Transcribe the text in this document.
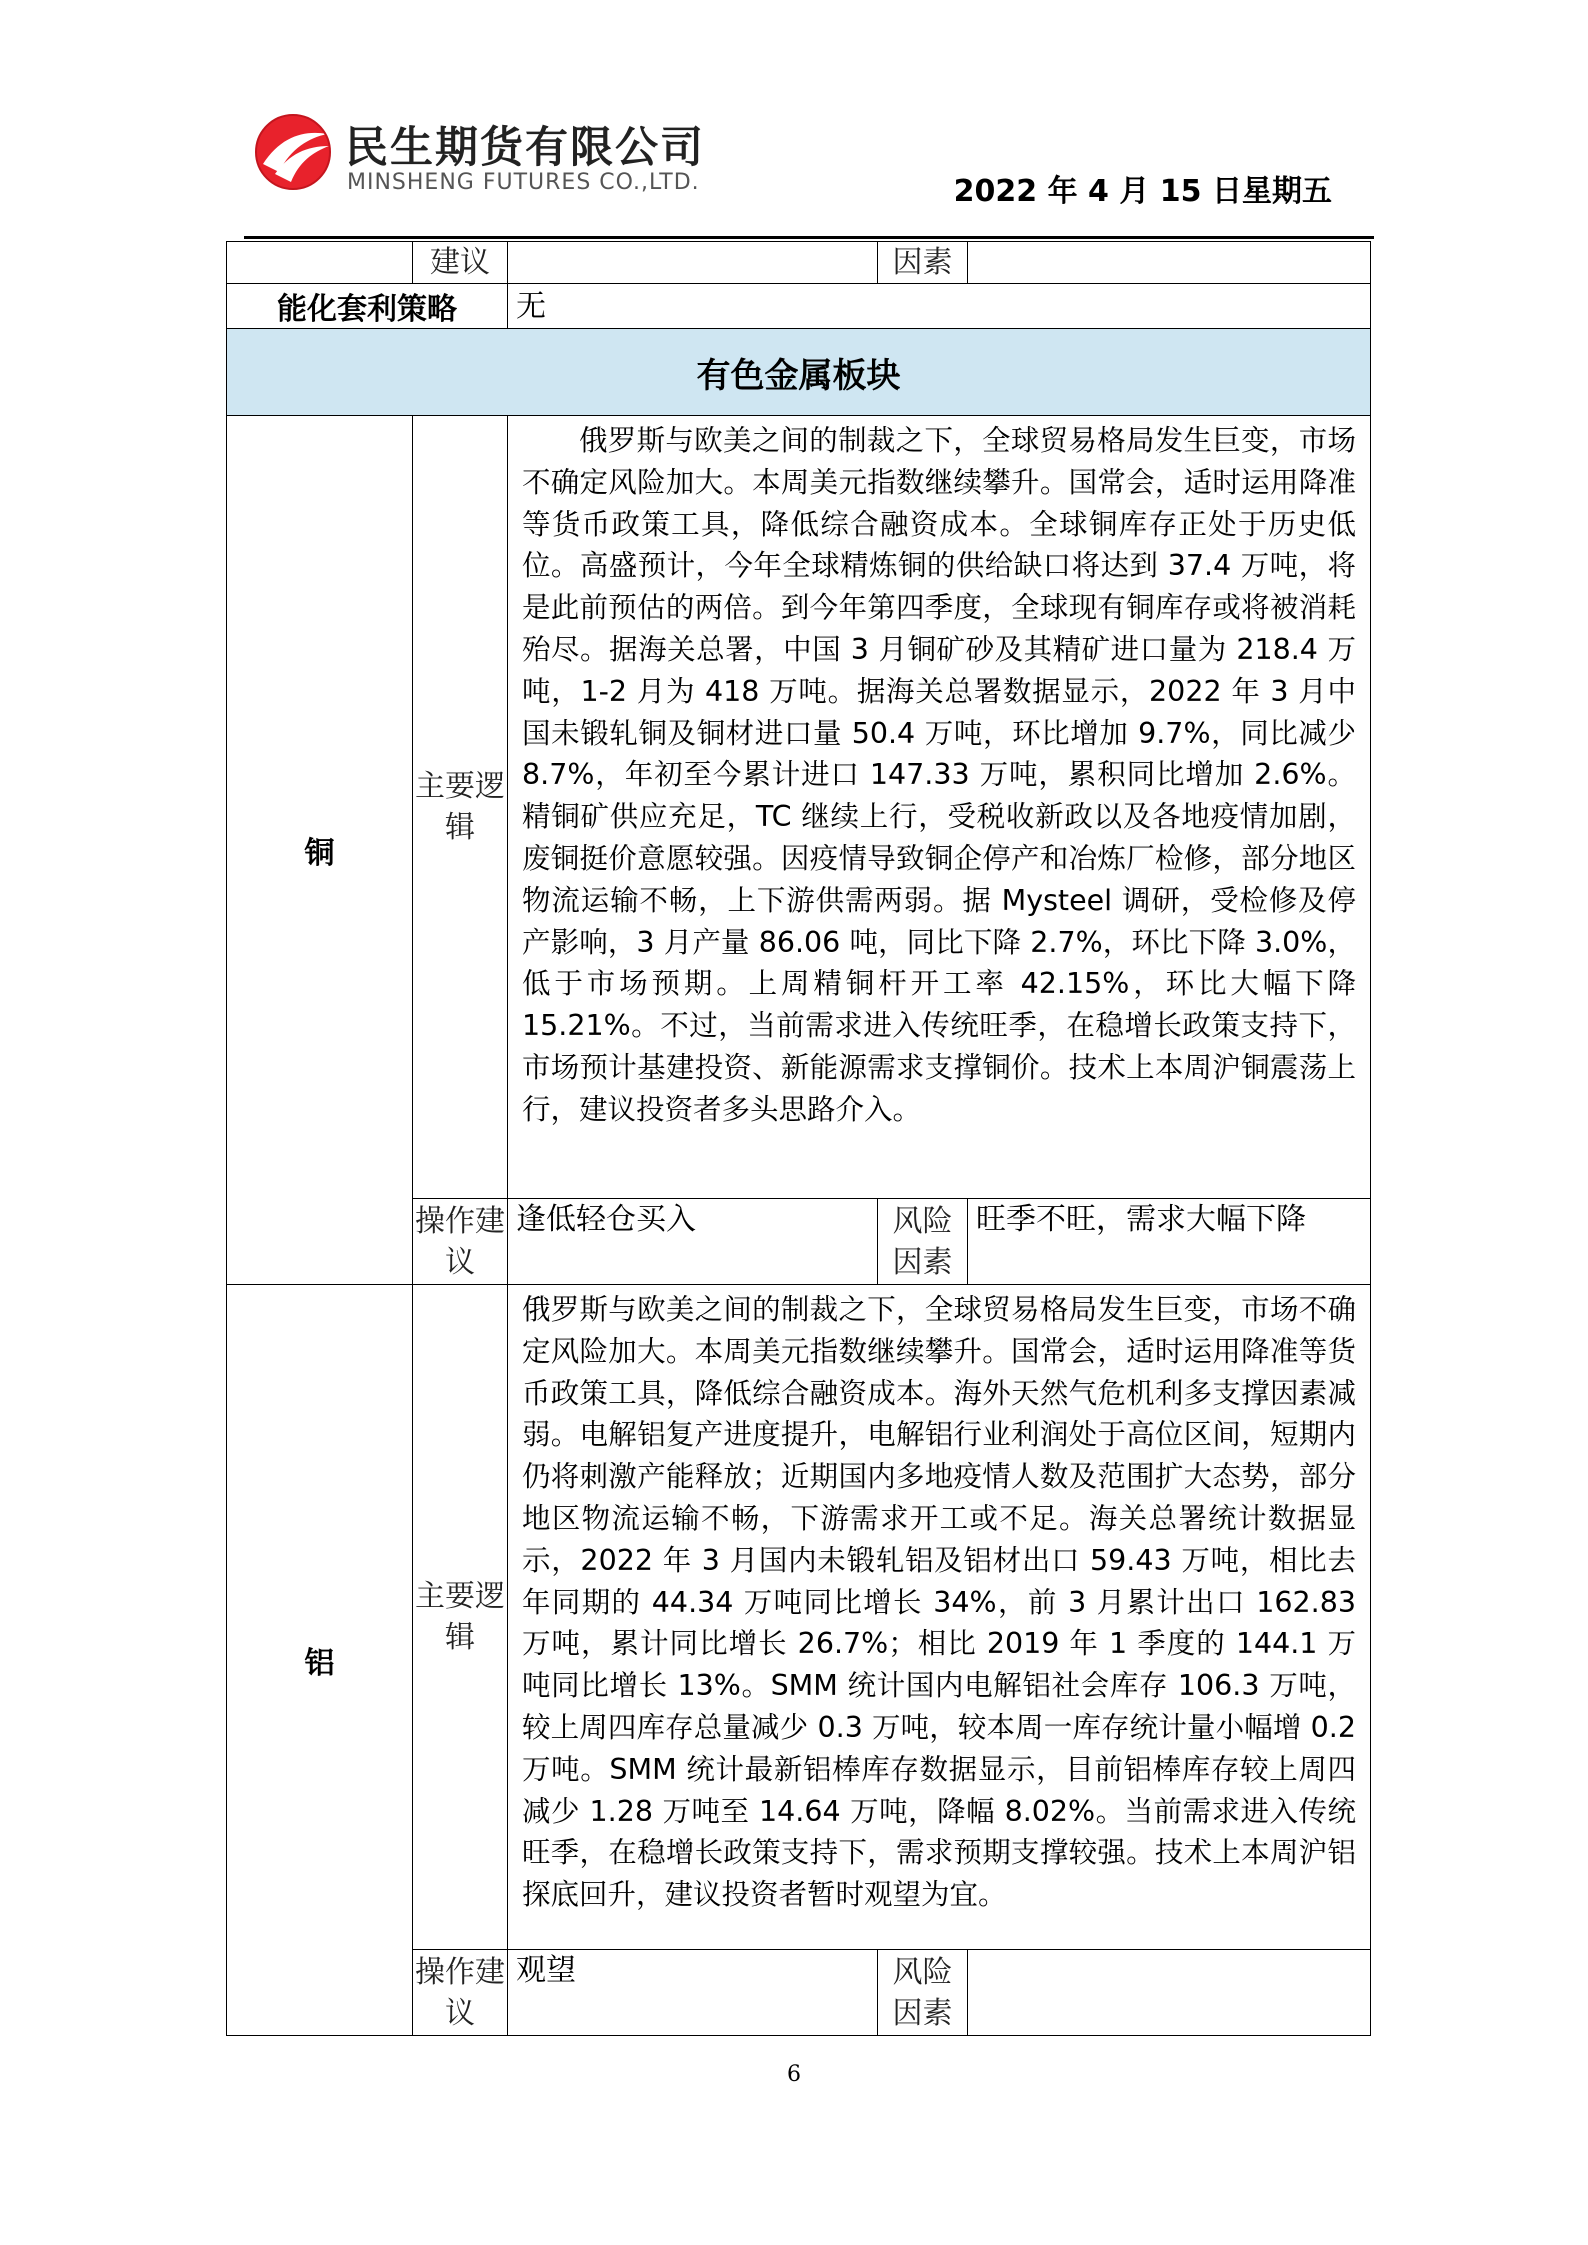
民生期货有限公司
MINSHENG FUTURES CO.,LTD.	2022 年 4 月 15 日星期五
	建议		因素	
能化套利策略		无		
有色金属板块				
铜	主要逻辑	俄罗斯与欧美之间的制裁之下，全球贸易格局发生巨变，市场不确定风险加大。本周美元指数继续攀升。国常会，适时运用降准等货币政策工具，降低综合融资成本。全球铜库存正处于历史低位。高盛预计，今年全球精炼铜的供给缺口将达到 37.4 万吨，将是此前预估的两倍。到今年第四季度，全球现有铜库存或将被消耗殆尽。据海关总署，中国 3 月铜矿砂及其精矿进口量为 218.4 万吨，1-2 月为 418 万吨。据海关总署数据显示，2022 年 3 月中国未锻轧铜及铜材进口量 50.4 万吨，环比增加 9.7%，同比减少 8.7%，年初至今累计进口 147.33 万吨，累积同比增加 2.6%。精铜矿供应充足，TC 继续上行，受税收新政以及各地疫情加剧，废铜挺价意愿较强。因疫情导致铜企停产和冶炼厂检修，部分地区物流运输不畅，上下游供需两弱。据 Mysteel 调研，受检修及停产影响，3 月产量 86.06 吨，同比下降 2.7%，环比下降 3.0%，低于市场预期。上周精铜杆开工率 42.15%，环比大幅下降 15.21%。不过，当前需求进入传统旺季，在稳增长政策支持下，市场预计基建投资、新能源需求支撑铜价。技术上本周沪铜震荡上行，建议投资者多头思路介入。		
	操作建议	逢低轻仓买入	风险因素	旺季不旺，需求大幅下降
铝	主要逻辑	俄罗斯与欧美之间的制裁之下，全球贸易格局发生巨变，市场不确定风险加大。本周美元指数继续攀升。国常会，适时运用降准等货币政策工具，降低综合融资成本。海外天然气危机利多支撑因素减弱。电解铝复产进度提升，电解铝行业利润处于高位区间，短期内仍将刺激产能释放；近期国内多地疫情人数及范围扩大态势，部分地区物流运输不畅，下游需求开工或不足。海关总署统计数据显示，2022 年 3 月国内未锻轧铝及铝材出口 59.43 万吨，相比去年同期的 44.34 万吨同比增长 34%，前 3 月累计出口 162.83 万吨，累计同比增长 26.7%；相比 2019 年 1 季度的 144.1 万吨同比增长 13%。SMM 统计国内电解铝社会库存 106.3 万吨，较上周四库存总量减少 0.3 万吨，较本周一库存统计量小幅增 0.2 万吨。SMM 统计最新铝棒库存数据显示，目前铝棒库存较上周四减少 1.28 万吨至 14.64 万吨，降幅 8.02%。当前需求进入传统旺季，在稳增长政策支持下，需求预期支撑较强。技术上本周沪铝探底回升，建议投资者暂时观望为宜。		
	操作建议	观望	风险因素	
6
